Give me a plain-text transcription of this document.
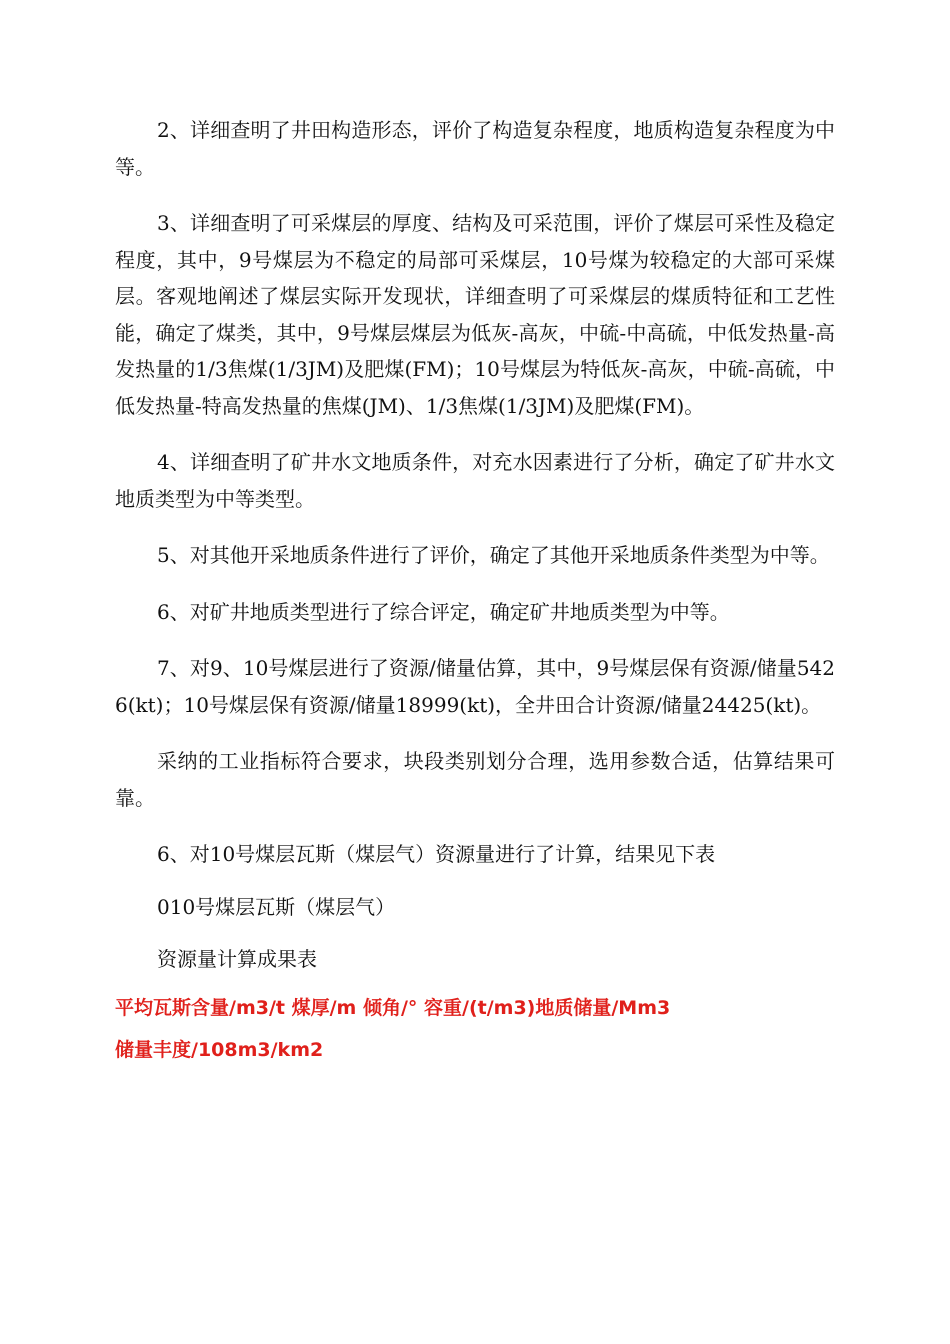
2、详细查明了井田构造形态，评价了构造复杂程度，地质构造复杂程度为中等。

3、详细查明了可采煤层的厚度、结构及可采范围，评价了煤层可采性及稳定程度，其中，9号煤层为不稳定的局部可采煤层，10号煤为较稳定的大部可采煤层。客观地阐述了煤层实际开发现状，详细查明了可采煤层的煤质特征和工艺性能，确定了煤类，其中，9号煤层煤层为低灰-高灰，中硫-中高硫，中低发热量-高发热量的1/3焦煤(1/3JM)及肥煤(FM)；10号煤层为特低灰-高灰，中硫-高硫，中低发热量-特高发热量的焦煤(JM)、1/3焦煤(1/3JM)及肥煤(FM)。

4、详细查明了矿井水文地质条件，对充水因素进行了分析，确定了矿井水文地质类型为中等类型。

5、对其他开采地质条件进行了评价，确定了其他开采地质条件类型为中等。

6、对矿井地质类型进行了综合评定，确定矿井地质类型为中等。

7、对9、10号煤层进行了资源/储量估算，其中，9号煤层保有资源/储量5426(kt)；10号煤层保有资源/储量18999(kt)，全井田合计资源/储量24425(kt)。

采纳的工业指标符合要求，块段类别划分合理，选用参数合适，估算结果可靠。

6、对10号煤层瓦斯（煤层气）资源量进行了计算，结果见下表

010号煤层瓦斯（煤层气）

资源量计算成果表

平均瓦斯含量/m3/t 煤厚/m 倾角/° 容重/(t/m3)地质储量/Mm3
储量丰度/108m3/km2
